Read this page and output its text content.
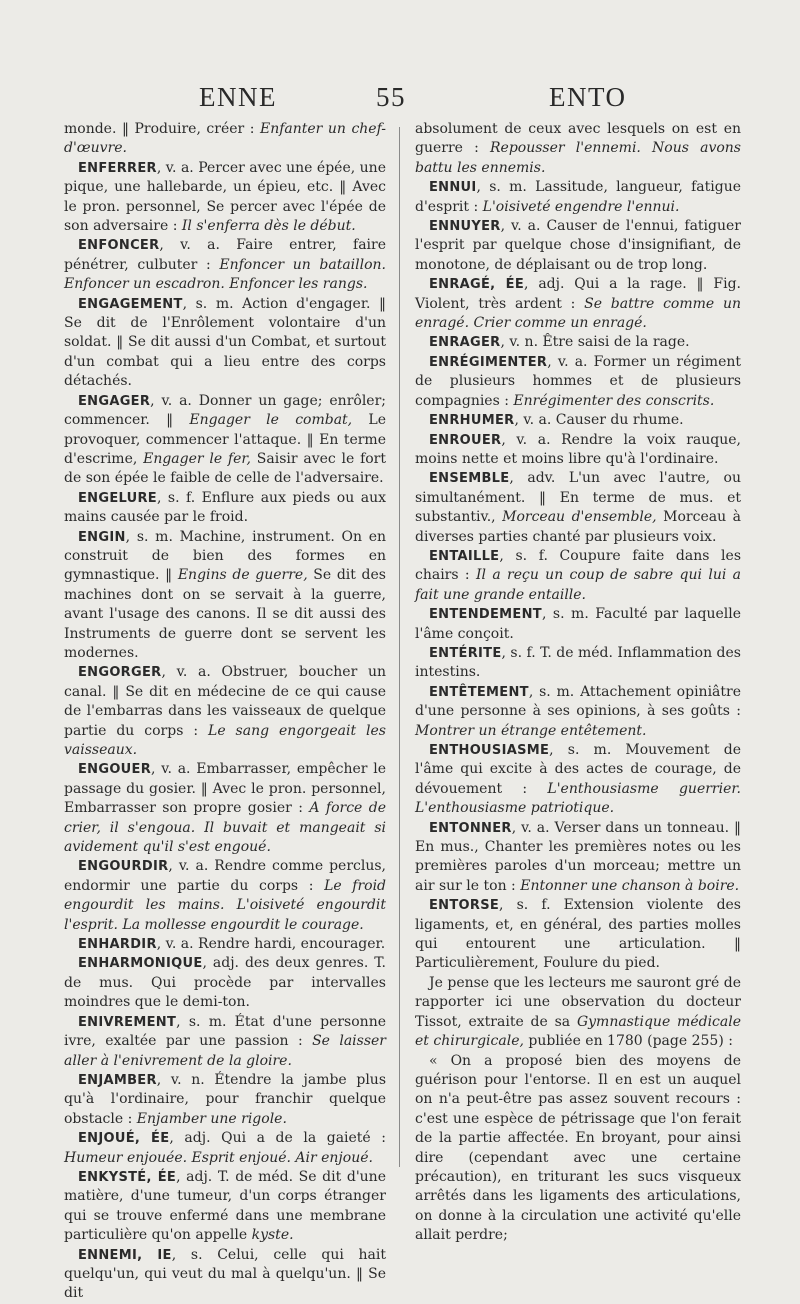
ENNE	55	ENTO

monde. ‖ Produire, créer : Enfanter un chef-d'œuvre.

ENFERRER, v. a. Percer avec une épée, une pique, une hallebarde, un épieu, etc. ‖ Avec le pron. personnel, Se percer avec l'épée de son adversaire : Il s'enferra dès le début.

ENFONCER, v. a. Faire entrer, faire pénétrer, culbuter : Enfoncer un bataillon. Enfoncer un escadron. Enfoncer les rangs.

ENGAGEMENT, s. m. Action d'engager. ‖ Se dit de l'Enrôlement volontaire d'un soldat. ‖ Se dit aussi d'un Combat, et surtout d'un combat qui a lieu entre des corps détachés.

ENGAGER, v. a. Donner un gage; enrôler; commencer. ‖ Engager le combat, Le provoquer, commencer l'attaque. ‖ En terme d'escrime, Engager le fer, Saisir avec le fort de son épée le faible de celle de l'adversaire.

ENGELURE, s. f. Enflure aux pieds ou aux mains causée par le froid.

ENGIN, s. m. Machine, instrument. On en construit de bien des formes en gymnastique. ‖ Engins de guerre, Se dit des machines dont on se servait à la guerre, avant l'usage des canons. Il se dit aussi des Instruments de guerre dont se servent les modernes.

ENGORGER, v. a. Obstruer, boucher un canal. ‖ Se dit en médecine de ce qui cause de l'embarras dans les vaisseaux de quelque partie du corps : Le sang engorgeait les vaisseaux.

ENGOUER, v. a. Embarrasser, empêcher le passage du gosier. ‖ Avec le pron. personnel, Embarrasser son propre gosier : A force de crier, il s'engoua. Il buvait et mangeait si avidement qu'il s'est engoué.

ENGOURDIR, v. a. Rendre comme perclus, endormir une partie du corps : Le froid engourdit les mains. L'oisiveté engourdit l'esprit. La mollesse engourdit le courage.

ENHARDIR, v. a. Rendre hardi, encourager.

ENHARMONIQUE, adj. des deux genres. T. de mus. Qui procède par intervalles moindres que le demi-ton.

ENIVREMENT, s. m. État d'une personne ivre, exaltée par une passion : Se laisser aller à l'enivrement de la gloire.

ENJAMBER, v. n. Étendre la jambe plus qu'à l'ordinaire, pour franchir quelque obstacle : Enjamber une rigole.

ENJOUÉ, ÉE, adj. Qui a de la gaieté : Humeur enjouée. Esprit enjoué. Air enjoué.

ENKYSTÉ, ÉE, adj. T. de méd. Se dit d'une matière, d'une tumeur, d'un corps étranger qui se trouve enfermé dans une membrane particulière qu'on appelle kyste.

ENNEMI, IE, s. Celui, celle qui hait quelqu'un, qui veut du mal à quelqu'un. ‖ Se dit

absolument de ceux avec lesquels on est en guerre : Repousser l'ennemi. Nous avons battu les ennemis.

ENNUI, s. m. Lassitude, langueur, fatigue d'esprit : L'oisiveté engendre l'ennui.

ENNUYER, v. a. Causer de l'ennui, fatiguer l'esprit par quelque chose d'insignifiant, de monotone, de déplaisant ou de trop long.

ENRAGÉ, ÉE, adj. Qui a la rage. ‖ Fig. Violent, très ardent : Se battre comme un enragé. Crier comme un enragé.

ENRAGER, v. n. Être saisi de la rage.

ENRÉGIMENTER, v. a. Former un régiment de plusieurs hommes et de plusieurs compagnies : Enrégimenter des conscrits.

ENRHUMER, v. a. Causer du rhume.

ENROUER, v. a. Rendre la voix rauque, moins nette et moins libre qu'à l'ordinaire.

ENSEMBLE, adv. L'un avec l'autre, ou simultanément. ‖ En terme de mus. et substantiv., Morceau d'ensemble, Morceau à diverses parties chanté par plusieurs voix.

ENTAILLE, s. f. Coupure faite dans les chairs : Il a reçu un coup de sabre qui lui a fait une grande entaille.

ENTENDEMENT, s. m. Faculté par laquelle l'âme conçoit.

ENTÉRITE, s. f. T. de méd. Inflammation des intestins.

ENTÊTEMENT, s. m. Attachement opiniâtre d'une personne à ses opinions, à ses goûts : Montrer un étrange entêtement.

ENTHOUSIASME, s. m. Mouvement de l'âme qui excite à des actes de courage, de dévouement : L'enthousiasme guerrier. L'enthousiasme patriotique.

ENTONNER, v. a. Verser dans un tonneau. ‖ En mus., Chanter les premières notes ou les premières paroles d'un morceau; mettre un air sur le ton : Entonner une chanson à boire.

ENTORSE, s. f. Extension violente des ligaments, et, en général, des parties molles qui entourent une articulation. ‖ Particulièrement, Foulure du pied.

Je pense que les lecteurs me sauront gré de rapporter ici une observation du docteur Tissot, extraite de sa Gymnastique médicale et chirurgicale, publiée en 1780 (page 255) :

« On a proposé bien des moyens de guérison pour l'entorse. Il en est un auquel on n'a peut-être pas assez souvent recours : c'est une espèce de pétrissage que l'on ferait de la partie affectée. En broyant, pour ainsi dire (cependant avec une certaine précaution), en triturant les sucs visqueux arrêtés dans les ligaments des articulations, on donne à la circulation une activité qu'elle allait perdre;
